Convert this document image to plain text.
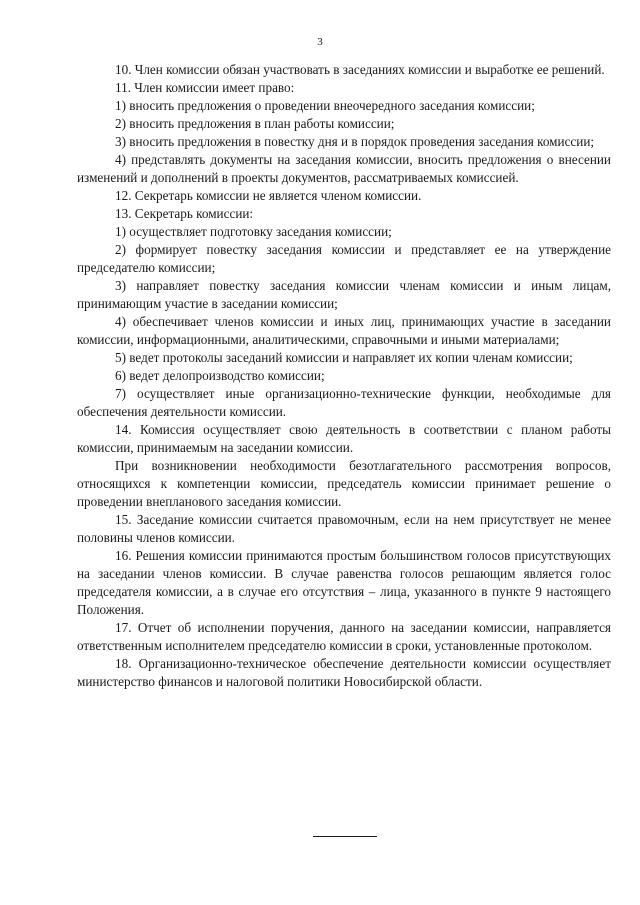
3

10. Член комиссии обязан участвовать в заседаниях комиссии и выработке ее решений.

11. Член комиссии имеет право:

1) вносить предложения о проведении внеочередного заседания комиссии;

2) вносить предложения в план работы комиссии;

3) вносить предложения в повестку дня и в порядок проведения заседания комиссии;

4) представлять документы на заседания комиссии, вносить предложения о внесении изменений и дополнений в проекты документов, рассматриваемых комиссией.

12. Секретарь комиссии не является членом комиссии.

13. Секретарь комиссии:

1) осуществляет подготовку заседания комиссии;

2) формирует повестку заседания комиссии и представляет ее на утверждение председателю комиссии;

3) направляет повестку заседания комиссии членам комиссии и иным лицам, принимающим участие в заседании комиссии;

4) обеспечивает членов комиссии и иных лиц, принимающих участие в заседании комиссии, информационными, аналитическими, справочными и иными материалами;

5) ведет протоколы заседаний комиссии и направляет их копии членам комиссии;

6) ведет делопроизводство комиссии;

7) осуществляет иные организационно-технические функции, необходимые для обеспечения деятельности комиссии.

14. Комиссия осуществляет свою деятельность в соответствии с планом работы комиссии, принимаемым на заседании комиссии.

При возникновении необходимости безотлагательного рассмотрения вопросов, относящихся к компетенции комиссии, председатель комиссии принимает решение о проведении внепланового заседания комиссии.

15. Заседание комиссии считается правомочным, если на нем присутствует не менее половины членов комиссии.

16. Решения комиссии принимаются простым большинством голосов присутствующих на заседании членов комиссии. В случае равенства голосов решающим является голос председателя комиссии, а в случае его отсутствия – лица, указанного в пункте 9 настоящего Положения.

17. Отчет об исполнении поручения, данного на заседании комиссии, направляется ответственным исполнителем председателю комиссии в сроки, установленные протоколом.

18. Организационно-техническое обеспечение деятельности комиссии осуществляет министерство финансов и налоговой политики Новосибирской области.
